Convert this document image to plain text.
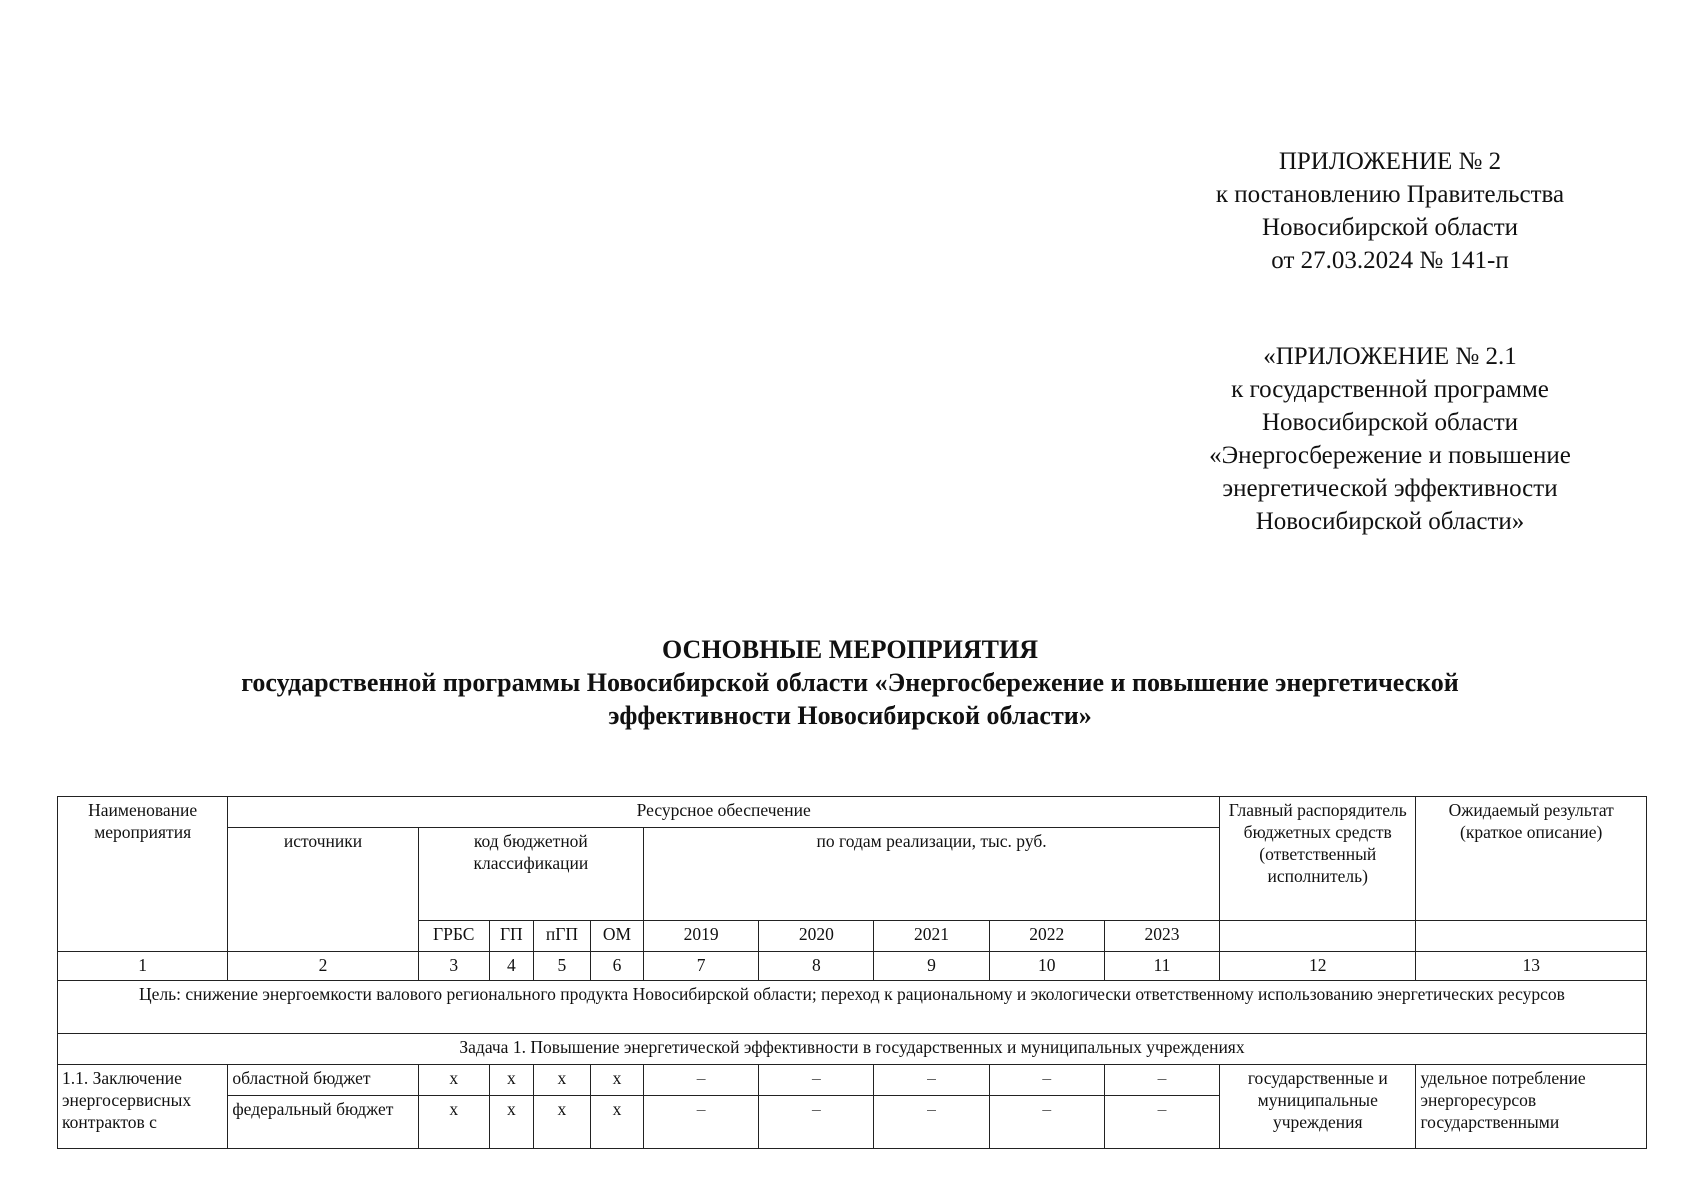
ПРИЛОЖЕНИЕ № 2
к постановлению Правительства
Новосибирской области
от 27.03.2024 № 141-п
«ПРИЛОЖЕНИЕ № 2.1
к государственной программе
Новосибирской области
«Энергосбережение и повышение
энергетической эффективности
Новосибирской области»
ОСНОВНЫЕ МЕРОПРИЯТИЯ
государственной программы Новосибирской области «Энергосбережение и повышение энергетической
эффективности Новосибирской области»
Наименование мероприятия	Ресурсное обеспечение										Главный распорядитель бюджетных средств (ответственный исполнитель)	Ожидаемый результат (краткое описание)
	источники	код бюджетной классификации				по годам реализации, тыс. руб.						
		ГРБС	ГП	пГП	ОМ	2019	2020	2021	2022	2023		
1	2	3	4	5	6	7	8	9	10	11	12	13
Цель: снижение энергоемкости валового регионального продукта Новосибирской области; переход к рациональному и экологически ответственному использованию энергетических ресурсов												
Задача 1. Повышение энергетической эффективности в государственных и муниципальных учреждениях												
1.1. Заключение энергосервисных контрактов с	областной бюджет	х	х	х	х	–	–	–	–	–	государственные и муниципальные учреждения	удельное потребление энергоресурсов государственными
	федеральный бюджет	х	х	х	х	–	–	–	–	–		
